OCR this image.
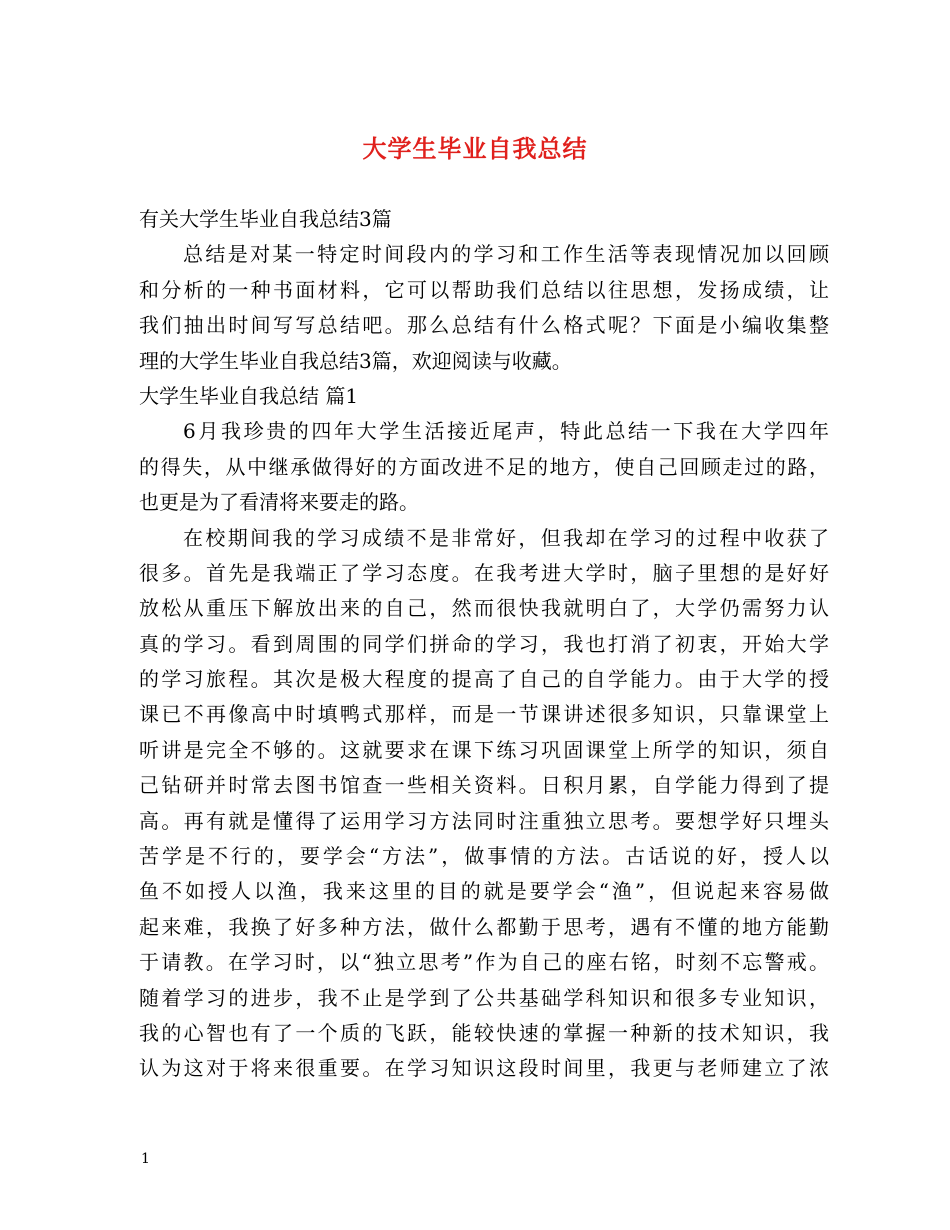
大学生毕业自我总结
有关大学生毕业自我总结3篇
总结是对某一特定时间段内的学习和工作生活等表现情况加以回顾
和分析的一种书面材料，它可以帮助我们总结以往思想，发扬成绩，让
我们抽出时间写写总结吧。那么总结有什么格式呢？下面是小编收集整
理的大学生毕业自我总结3篇，欢迎阅读与收藏。
大学生毕业自我总结 篇1
6月我珍贵的四年大学生活接近尾声，特此总结一下我在大学四年
的得失，从中继承做得好的方面改进不足的地方，使自己回顾走过的路，
也更是为了看清将来要走的路。
在校期间我的学习成绩不是非常好，但我却在学习的过程中收获了
很多。首先是我端正了学习态度。在我考进大学时，脑子里想的是好好
放松从重压下解放出来的自己，然而很快我就明白了，大学仍需努力认
真的学习。看到周围的同学们拼命的学习，我也打消了初衷，开始大学
的学习旅程。其次是极大程度的提高了自己的自学能力。由于大学的授
课已不再像高中时填鸭式那样，而是一节课讲述很多知识，只靠课堂上
听讲是完全不够的。这就要求在课下练习巩固课堂上所学的知识，须自
己钻研并时常去图书馆查一些相关资料。日积月累，自学能力得到了提
高。再有就是懂得了运用学习方法同时注重独立思考。要想学好只埋头
苦学是不行的，要学会“方法”，做事情的方法。古话说的好，授人以
鱼不如授人以渔，我来这里的目的就是要学会“渔”，但说起来容易做
起来难，我换了好多种方法，做什么都勤于思考，遇有不懂的地方能勤
于请教。在学习时，以“独立思考”作为自己的座右铭，时刻不忘警戒。
随着学习的进步，我不止是学到了公共基础学科知识和很多专业知识，
我的心智也有了一个质的飞跃，能较快速的掌握一种新的技术知识，我
认为这对于将来很重要。在学习知识这段时间里，我更与老师建立了浓
1
